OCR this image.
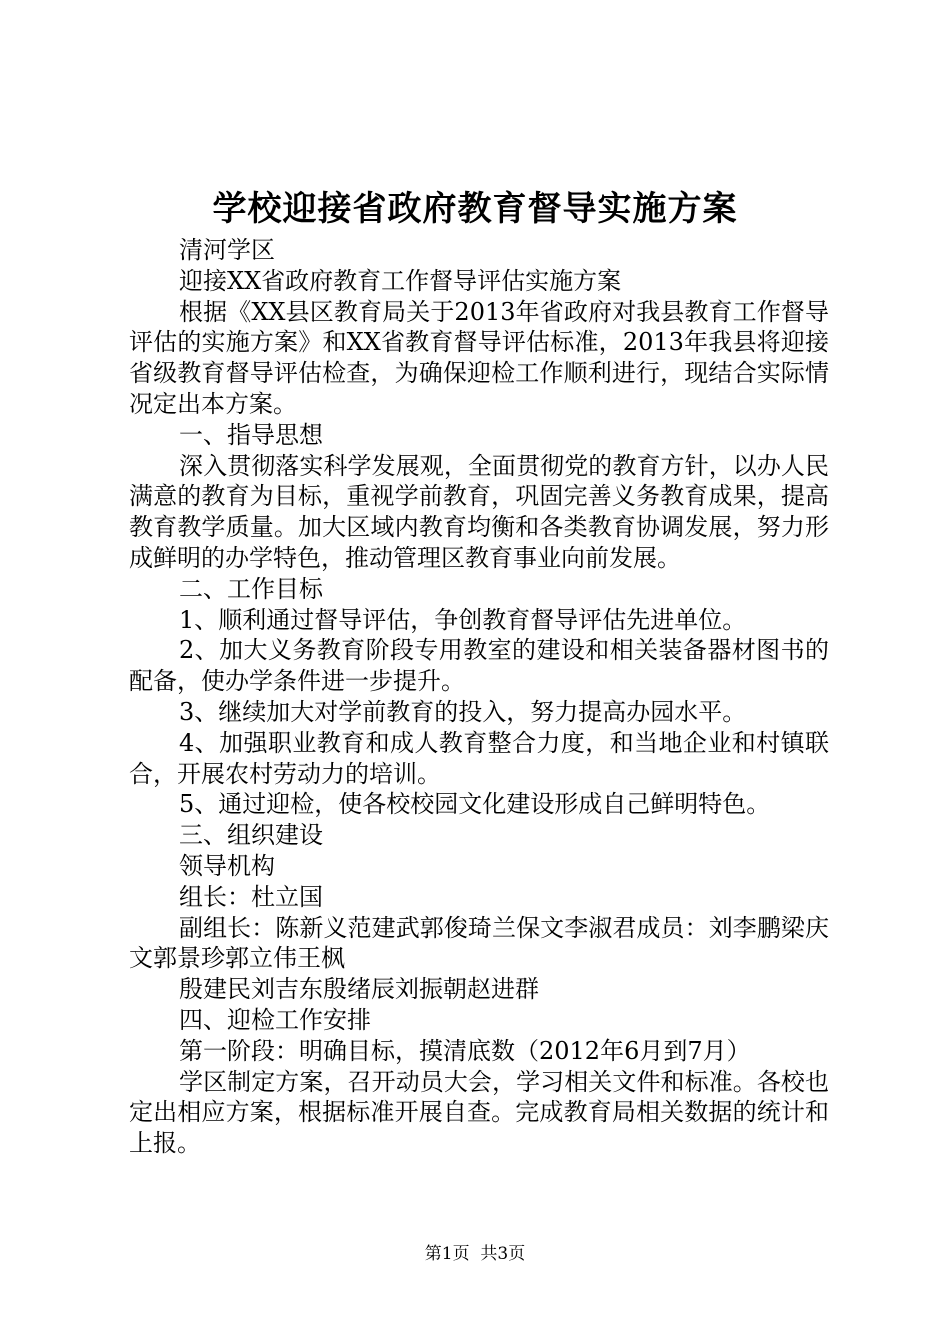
学校迎接省政府教育督导实施方案

清河学区

迎接XX省政府教育工作督导评估实施方案

根据《XX县区教育局关于2013年省政府对我县教育工作督导评估的实施方案》和XX省教育督导评估标准，2013年我县将迎接省级教育督导评估检查，为确保迎检工作顺利进行，现结合实际情况定出本方案。

一、指导思想

深入贯彻落实科学发展观，全面贯彻党的教育方针，以办人民满意的教育为目标，重视学前教育，巩固完善义务教育成果，提高教育教学质量。加大区域内教育均衡和各类教育协调发展，努力形成鲜明的办学特色，推动管理区教育事业向前发展。

二、工作目标

1、顺利通过督导评估，争创教育督导评估先进单位。

2、加大义务教育阶段专用教室的建设和相关装备器材图书的配备，使办学条件进一步提升。

3、继续加大对学前教育的投入，努力提高办园水平。

4、加强职业教育和成人教育整合力度，和当地企业和村镇联合，开展农村劳动力的培训。

5、通过迎检，使各校校园文化建设形成自己鲜明特色。

三、组织建设

领导机构

组长：杜立国

副组长：陈新义范建武郭俊琦兰保文李淑君成员：刘李鹏梁庆文郭景珍郭立伟王枫

殷建民刘吉东殷绪辰刘振朝赵进群

四、迎检工作安排

第一阶段：明确目标，摸清底数（2012年6月到7月）

学区制定方案，召开动员大会，学习相关文件和标准。各校也定出相应方案，根据标准开展自查。完成教育局相关数据的统计和上报。

第1页 共3页
